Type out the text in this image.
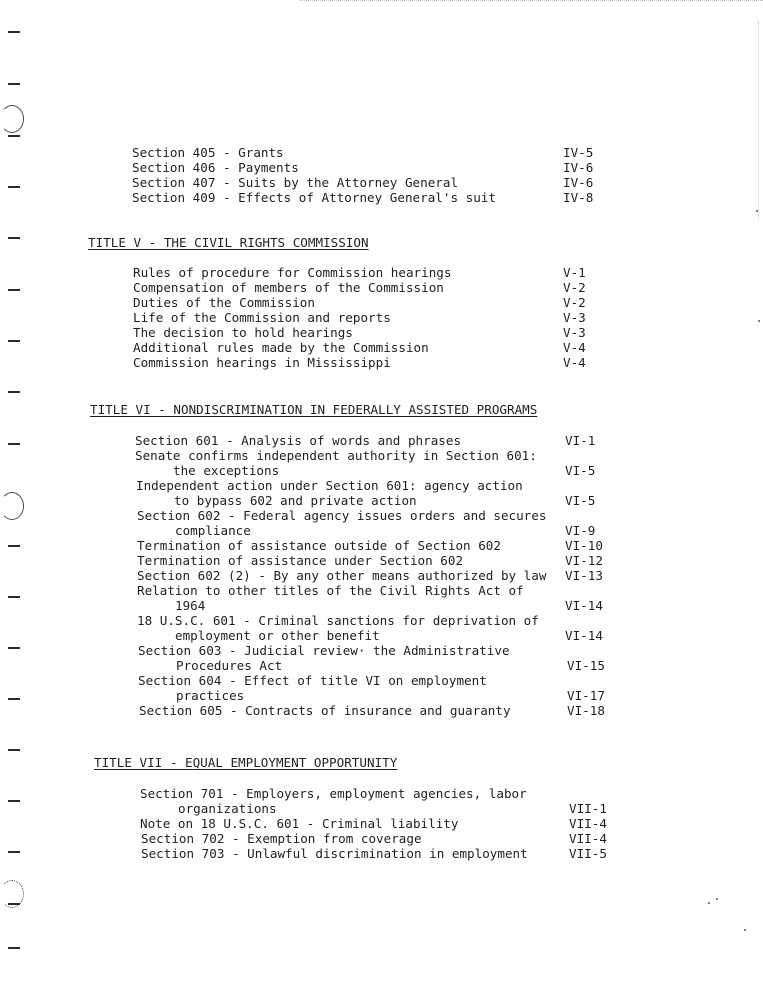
Section 405 - Grants	IV-5
Section 406 - Payments	IV-6
Section 407 - Suits by the Attorney General	IV-6
Section 409 - Effects of Attorney General's suit	IV-8
TITLE V - THE CIVIL RIGHTS COMMISSION
Rules of procedure for Commission hearings	V-1
Compensation of members of the Commission	V-2
Duties of the Commission	V-2
Life of the Commission and reports	V-3
The decision to hold hearings	V-3
Additional rules made by the Commission	V-4
Commission hearings in Mississippi	V-4
TITLE VI - NONDISCRIMINATION IN FEDERALLY ASSISTED PROGRAMS
Section 601 - Analysis of words and phrases	VI-1
Senate confirms independent authority in Section 601:
the exceptions	VI-5
Independent action under Section 601: agency action
to bypass 602 and private action	VI-5
Section 602 - Federal agency issues orders and secures
compliance	VI-9
Termination of assistance outside of Section 602	VI-10
Termination of assistance under Section 602	VI-12
Section 602 (2) - By any other means authorized by law VI-13
Relation to other titles of the Civil Rights Act of
1964	VI-14
18 U.S.C. 601 - Criminal sanctions for deprivation of
employment or other benefit	VI-14
Section 603 - Judicial review· the Administrative
Procedures Act	VI-15
Section 604 - Effect of title VI on employment
practices	VI-17
Section 605 - Contracts of insurance and guaranty	VI-18
TITLE VII - EQUAL EMPLOYMENT OPPORTUNITY
Section 701 - Employers, employment agencies, labor
organizations	VII-1
Note on 18 U.S.C. 601 - Criminal liability	VII-4
Section 702 - Exemption from coverage	VII-4
Section 703 - Unlawful discrimination in employment	VII-5
